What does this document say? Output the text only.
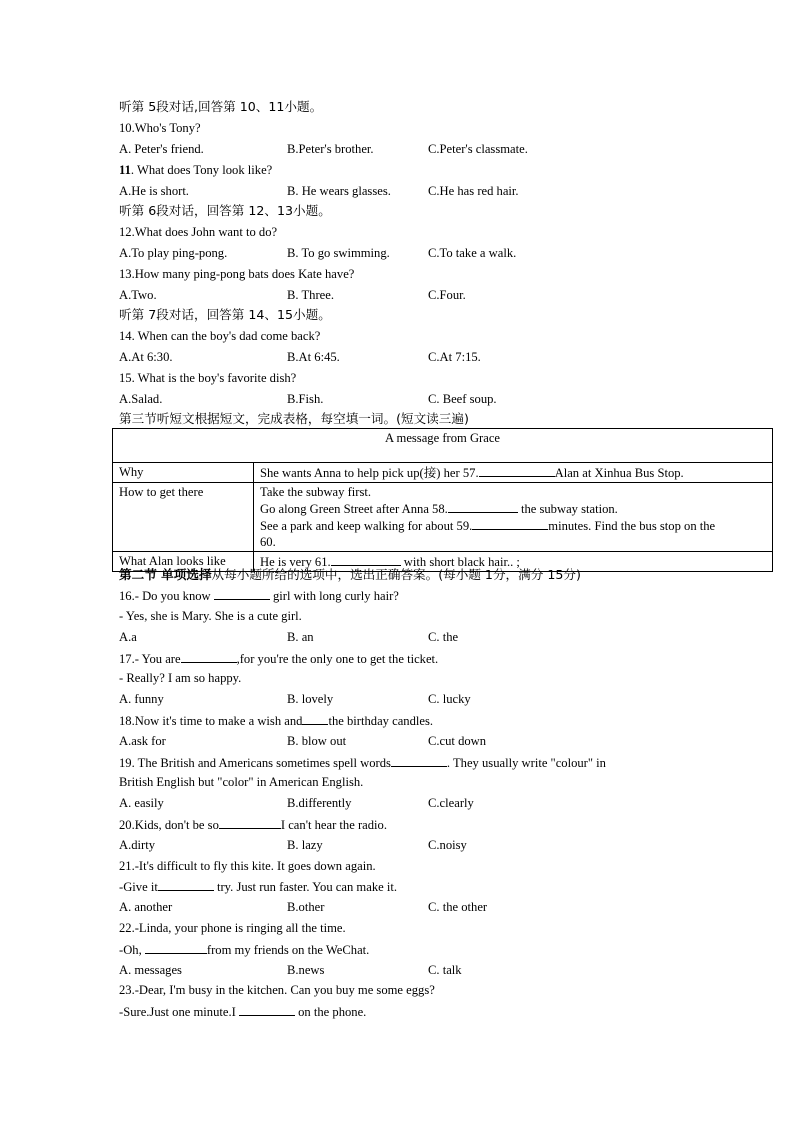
听第 5段对话,回答第 10、11小题。
10.Who's Tony?
A. Peter's friend.	B.Peter's brother.	C.Peter's classmate.
11. What does Tony look like?
A.He is short.	B. He wears glasses.	C.He has red hair.
听第 6段对话，回答第 12、13小题。
12.What does John want to do?
A.To play ping-pong.	B. To go swimming.	C.To take a walk.
13.How many ping-pong bats does Kate have?
A.Two.	B. Three.	C.Four.
听第 7段对话，回答第 14、15小题。
14. When can the boy's dad come back?
A.At 6:30.	B.At 6:45.	C.At 7:15.
15. What is the boy's favorite dish?
A.Salad.	B.Fish.	C. Beef soup.
第三节听短文根据短文，完成表格，每空填一词。(短文读三遍)
A message from Grace	
Why	She wants Anna to help pick up(接) her 57. Alan at Xinhua Bus Stop.
How to get there	Take the subway first.
Go along Green Street after Anna 58. the subway station.
See a park and keep walking for about 59. minutes. Find the bus stop on the
60.

What Alan looks like	He is very 61. with short black hair.. ;
第二节 单项选择从每小题所给的选项中，选出正确答案。(每小题 1分，满分 15分)
16.- Do you know	girl with long curly hair?
- Yes, she is Mary. She is a cute girl.
A.a	B. an	C. the
17.- You are	,for you're the only one to get the ticket.
- Really? I am so happy.
A. funny	B. lovely	C. lucky
18.Now it's time to make a wish and the birthday candles.
A.ask for	B. blow out	C.cut down
19. The British and Americans sometimes spell words	. They usually write "colour" in
British English but "color" in American English.
A. easily	B.differently	C.clearly
20.Kids, don't be so	I can't hear the radio.
A.dirty	B. lazy	C.noisy
21.-It's difficult to fly this kite. It goes down again.
-Give it	try. Just run faster. You can make it.
A. another	B.other	C. the other
22.-Linda, your phone is ringing all the time.
-Oh,	from my friends on the WeChat.
A. messages	B.news	C. talk
23.-Dear, I'm busy in the kitchen. Can you buy me some eggs?
-Sure.Just one minute.I	on the phone.
